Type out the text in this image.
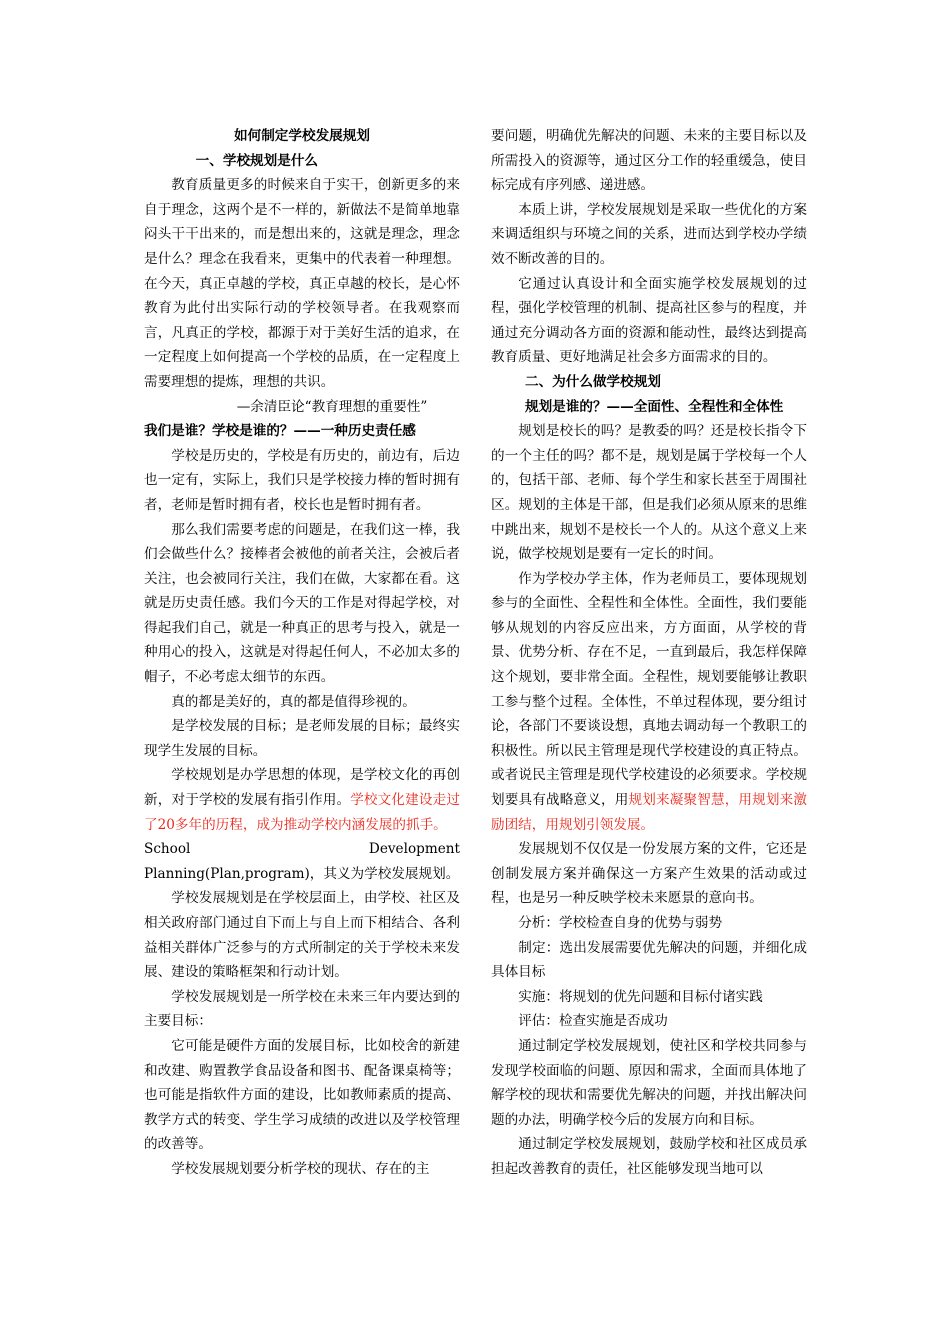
如何制定学校发展规划

一、学校规划是什么

教育质量更多的时候来自于实干，创新更多的来自于理念，这两个是不一样的，新做法不是简单地靠闷头干干出来的，而是想出来的，这就是理念，理念是什么？理念在我看来，更集中的代表着一种理想。在今天，真正卓越的学校，真正卓越的校长，是心怀教育为此付出实际行动的学校领导者。在我观察而言，凡真正的学校，都源于对于美好生活的追求，在一定程度上如何提高一个学校的品质，在一定程度上需要理想的提炼，理想的共识。

—余清臣论“教育理想的重要性”

我们是谁？学校是谁的？——一种历史责任感

学校是历史的，学校是有历史的，前边有，后边也一定有，实际上，我们只是学校接力棒的暂时拥有者，老师是暂时拥有者，校长也是暂时拥有者。

那么我们需要考虑的问题是，在我们这一棒，我们会做些什么？接棒者会被他的前者关注，会被后者关注，也会被同行关注，我们在做，大家都在看。这就是历史责任感。我们今天的工作是对得起学校，对得起我们自己，就是一种真正的思考与投入，就是一种用心的投入，这就是对得起任何人，不必加太多的帽子，不必考虑太细节的东西。

真的都是美好的，真的都是值得珍视的。

是学校发展的目标；是老师发展的目标；最终实现学生发展的目标。

学校规划是办学思想的体现，是学校文化的再创新，对于学校的发展有指引作用。学校文化建设走过了20多年的历程，成为推动学校内涵发展的抓手。

School Development Planning(Plan,program)，其义为学校发展规划。

学校发展规划是在学校层面上，由学校、社区及相关政府部门通过自下而上与自上而下相结合、各利益相关群体广泛参与的方式所制定的关于学校未来发展、建设的策略框架和行动计划。

学校发展规划是一所学校在未来三年内要达到的主要目标：

它可能是硬件方面的发展目标，比如校舍的新建和改建、购置教学食品设备和图书、配备课桌椅等；也可能是指软件方面的建设，比如教师素质的提高、教学方式的转变、学生学习成绩的改进以及学校管理的改善等。

学校发展规划要分析学校的现状、存在的主

要问题，明确优先解决的问题、未来的主要目标以及所需投入的资源等，通过区分工作的轻重缓急，使目标完成有序列感、递进感。

本质上讲，学校发展规划是采取一些优化的方案来调适组织与环境之间的关系，进而达到学校办学绩效不断改善的目的。

它通过认真设计和全面实施学校发展规划的过程，强化学校管理的机制、提高社区参与的程度，并通过充分调动各方面的资源和能动性，最终达到提高教育质量、更好地满足社会多方面需求的目的。

二、为什么做学校规划

规划是谁的？——全面性、全程性和全体性

规划是校长的吗？是教委的吗？还是校长指令下的一个主任的吗？都不是，规划是属于学校每一个人的，包括干部、老师、每个学生和家长甚至于周围社区。规划的主体是干部，但是我们必须从原来的思维中跳出来，规划不是校长一个人的。从这个意义上来说，做学校规划是要有一定长的时间。

作为学校办学主体，作为老师员工，要体现规划参与的全面性、全程性和全体性。全面性，我们要能够从规划的内容反应出来，方方面面，从学校的背景、优势分析、存在不足，一直到最后，我怎样保障这个规划，要非常全面。全程性，规划要能够让教职工参与整个过程。全体性，不单过程体现，要分组讨论，各部门不要谈设想，真地去调动每一个教职工的积极性。所以民主管理是现代学校建设的真正特点。或者说民主管理是现代学校建设的必须要求。学校规划要具有战略意义，用规划来凝聚智慧，用规划来激励团结，用规划引领发展。

发展规划不仅仅是一份发展方案的文件，它还是创制发展方案并确保这一方案产生效果的活动或过程，也是另一种反映学校未来愿景的意向书。

分析：学校检查自身的优势与弱势

制定：选出发展需要优先解决的问题，并细化成具体目标

实施：将规划的优先问题和目标付诸实践

评估：检查实施是否成功

通过制定学校发展规划，使社区和学校共同参与发现学校面临的问题、原因和需求，全面而具体地了解学校的现状和需要优先解决的问题，并找出解决问题的办法，明确学校今后的发展方向和目标。

通过制定学校发展规划，鼓励学校和社区成员承担起改善教育的责任，社区能够发现当地可以
